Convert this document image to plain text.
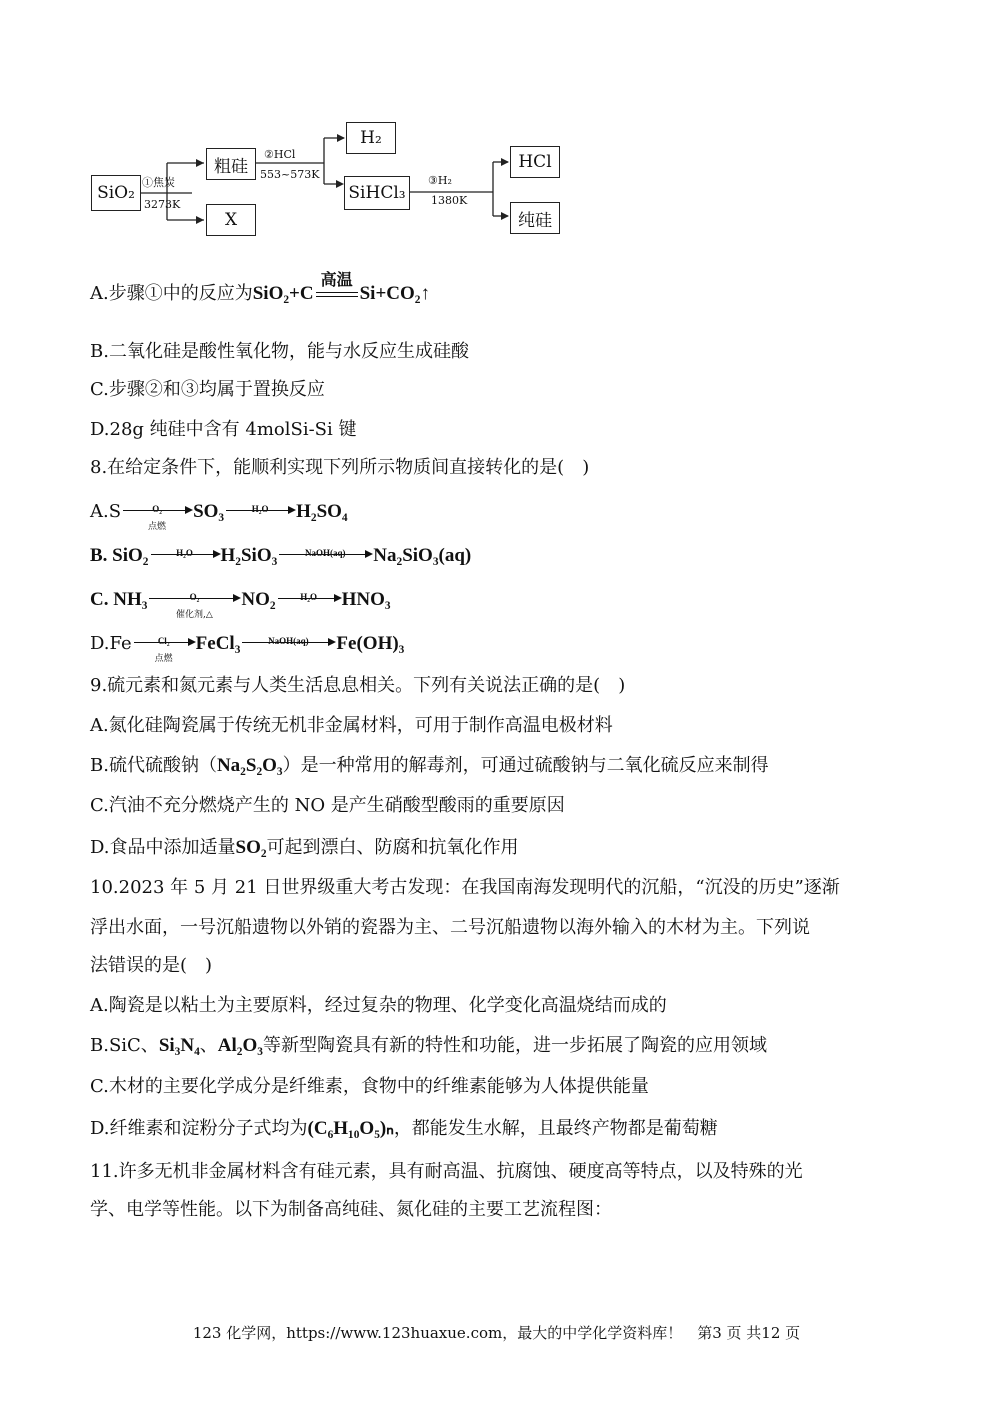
SiO₂
粗硅
X
H₂
SiHCl₃
HCl
纯硅
①焦炭
3273K
②HCl
553~573K	③H₂
1380K
A.步骤①中的反应为SiO₂+C
高温
Si+CO₂↑
B.二氧化硅是酸性氧化物，能与水反应生成硅酸
C.步骤②和③均属于置换反应
D.28g 纯硅中含有 4molSi-Si 键
8.在给定条件下，能顺利实现下列所示物质间直接转化的是(　)
A.S	O₂
点燃
SO₃	H₂O	H₂SO₄
B. SiO₂	H₂O	H₂SiO₃	NaOH(aq)	Na₂SiO₃(aq)
C. NH₃	O₂
催化剂,△
NO₂	H₂O	HNO₃
D.Fe	Cl₂
点燃
FeCl₃	NaOH(aq)	Fe(OH)₃
9.硫元素和氮元素与人类生活息息相关。下列有关说法正确的是(　)
A.氮化硅陶瓷属于传统无机非金属材料，可用于制作高温电极材料
B.硫代硫酸钠（Na₂S₂O₃）是一种常用的解毒剂，可通过硫酸钠与二氧化硫反应来制得
C.汽油不充分燃烧产生的 NO 是产生硝酸型酸雨的重要原因
D.食品中添加适量SO₂可起到漂白、防腐和抗氧化作用
10.2023 年 5 月 21 日世界级重大考古发现：在我国南海发现明代的沉船，“沉没的历史”逐渐
浮出水面，一号沉船遗物以外销的瓷器为主、二号沉船遗物以海外输入的木材为主。下列说
法错误的是(　)
A.陶瓷是以粘土为主要原料，经过复杂的物理、化学变化高温烧结而成的
B.SiC、Si₃N₄、Al₂O₃等新型陶瓷具有新的特性和功能，进一步拓展了陶瓷的应用领域
C.木材的主要化学成分是纤维素，食物中的纤维素能够为人体提供能量
D.纤维素和淀粉分子式均为(C₆H₁₀O₅)ₙ，都能发生水解，且最终产物都是葡萄糖
11.许多无机非金属材料含有硅元素，具有耐高温、抗腐蚀、硬度高等特点，以及特殊的光
学、电学等性能。以下为制备高纯硅、氮化硅的主要工艺流程图：
123 化学网，https://www.123huaxue.com，最大的中学化学资料库！　第3 页 共12 页
